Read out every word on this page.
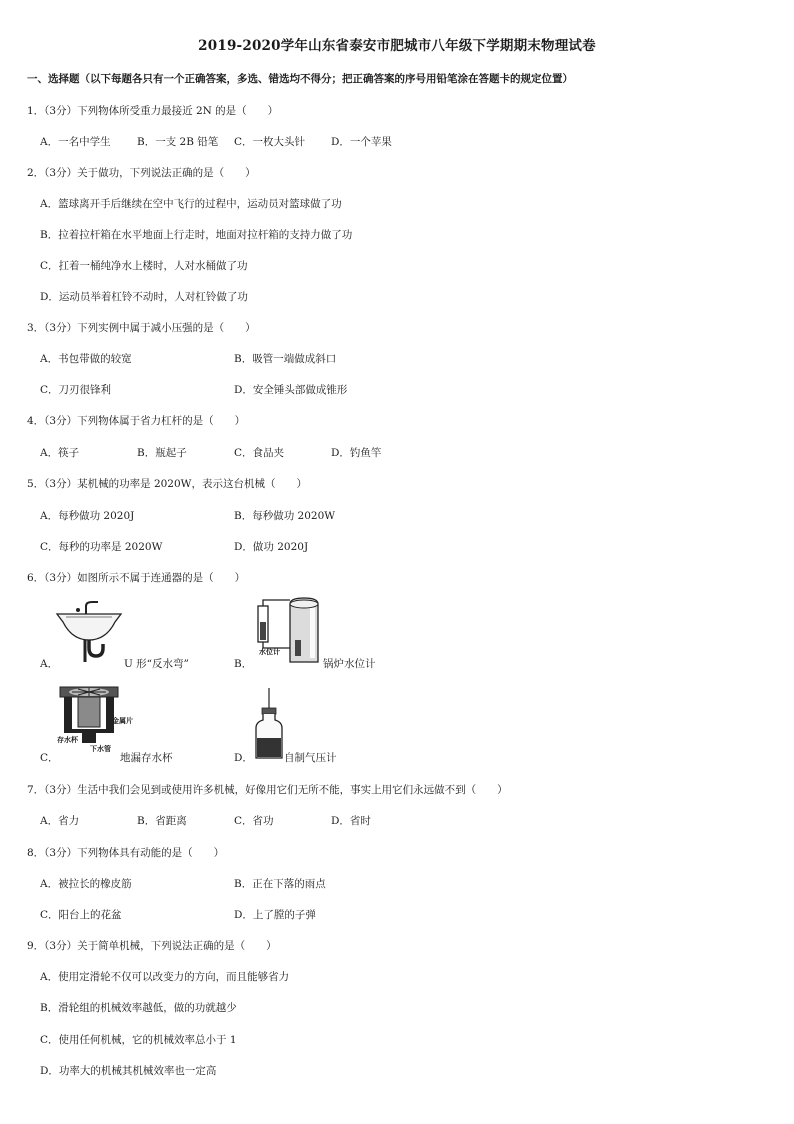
2019-2020学年山东省泰安市肥城市八年级下学期期末物理试卷
一、选择题（以下每题各只有一个正确答案，多选、错选均不得分；把正确答案的序号用铅笔涂在答题卡的规定位置）
1．（3分）下列物体所受重力最接近 2N 的是（　　）
A．一名中学生	B．一支 2B 铅笔 C．一枚大头针 D．一个苹果
2．（3分）关于做功，下列说法正确的是（　　）
A．篮球离开手后继续在空中飞行的过程中，运动员对篮球做了功
B．拉着拉杆箱在水平地面上行走时，地面对拉杆箱的支持力做了功
C．扛着一桶纯净水上楼时，人对水桶做了功
D．运动员举着杠铃不动时，人对杠铃做了功
3．（3分）下列实例中属于减小压强的是（　　）
A．书包带做的较宽	B．吸管一端做成斜口
C．刀刃很锋利	D．安全锤头部做成锥形
4．（3分）下列物体属于省力杠杆的是（　　）
A．筷子	B．瓶起子	C．食品夹	D．钓鱼竿
5．（3分）某机械的功率是 2020W，表示这台机械（　　）
A．每秒做功 2020J	B．每秒做功 2020W
C．每秒的功率是 2020W	D．做功 2020J
6．（3分）如图所示不属于连通器的是（　　）
A．	U 形“反水弯”
水位计
B．	锅炉水位计
金属片
存水杯
下水管
C．	地漏存水杯	D．	自制气压计
7．（3分）生活中我们会见到或使用许多机械，好像用它们无所不能，事实上用它们永远做不到（　　）
A．省力	B．省距离	C．省功	D．省时
8．（3分）下列物体具有动能的是（　　）
A．被拉长的橡皮筋	B．正在下落的雨点
C．阳台上的花盆	D．上了膛的子弹
9．（3分）关于简单机械，下列说法正确的是（　　）
A．使用定滑轮不仅可以改变力的方向，而且能够省力
B．滑轮组的机械效率越低，做的功就越少
C．使用任何机械，它的机械效率总小于 1
D．功率大的机械其机械效率也一定高
